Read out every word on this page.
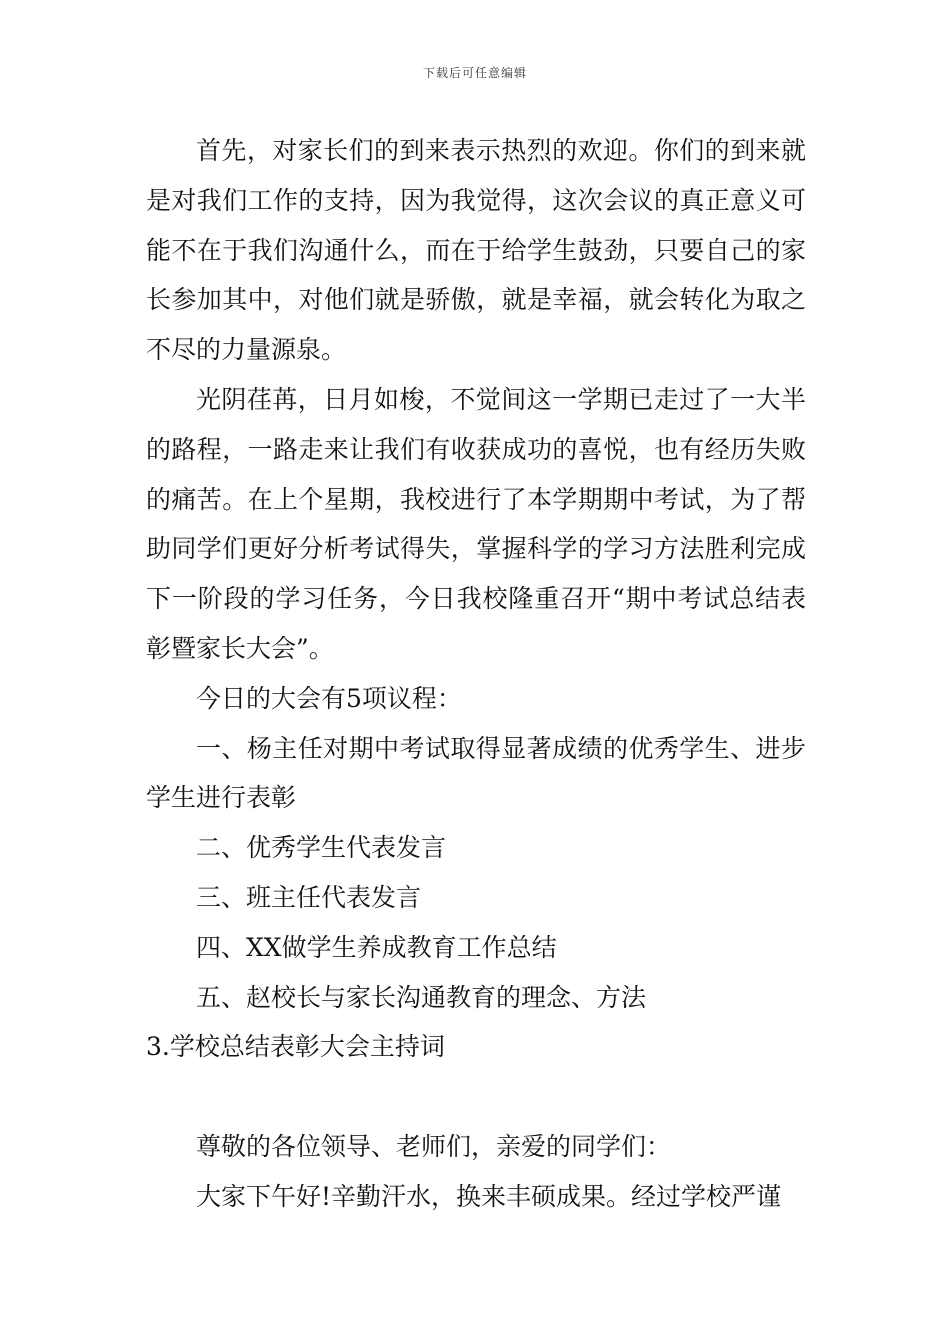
下载后可任意编辑

首先，对家长们的到来表示热烈的欢迎。你们的到来就是对我们工作的支持，因为我觉得，这次会议的真正意义可能不在于我们沟通什么，而在于给学生鼓劲，只要自己的家长参加其中，对他们就是骄傲，就是幸福，就会转化为取之不尽的力量源泉。

光阴荏苒，日月如梭，不觉间这一学期已走过了一大半的路程，一路走来让我们有收获成功的喜悦，也有经历失败的痛苦。在上个星期，我校进行了本学期期中考试，为了帮助同学们更好分析考试得失，掌握科学的学习方法胜利完成下一阶段的学习任务，今日我校隆重召开“期中考试总结表彰暨家长大会”。

今日的大会有5项议程：

一、杨主任对期中考试取得显著成绩的优秀学生、进步学生进行表彰

二、优秀学生代表发言

三、班主任代表发言

四、XX做学生养成教育工作总结

五、赵校长与家长沟通教育的理念、方法

3.学校总结表彰大会主持词

尊敬的各位领导、老师们，亲爱的同学们：

大家下午好!辛勤汗水，换来丰硕成果。经过学校严谨
